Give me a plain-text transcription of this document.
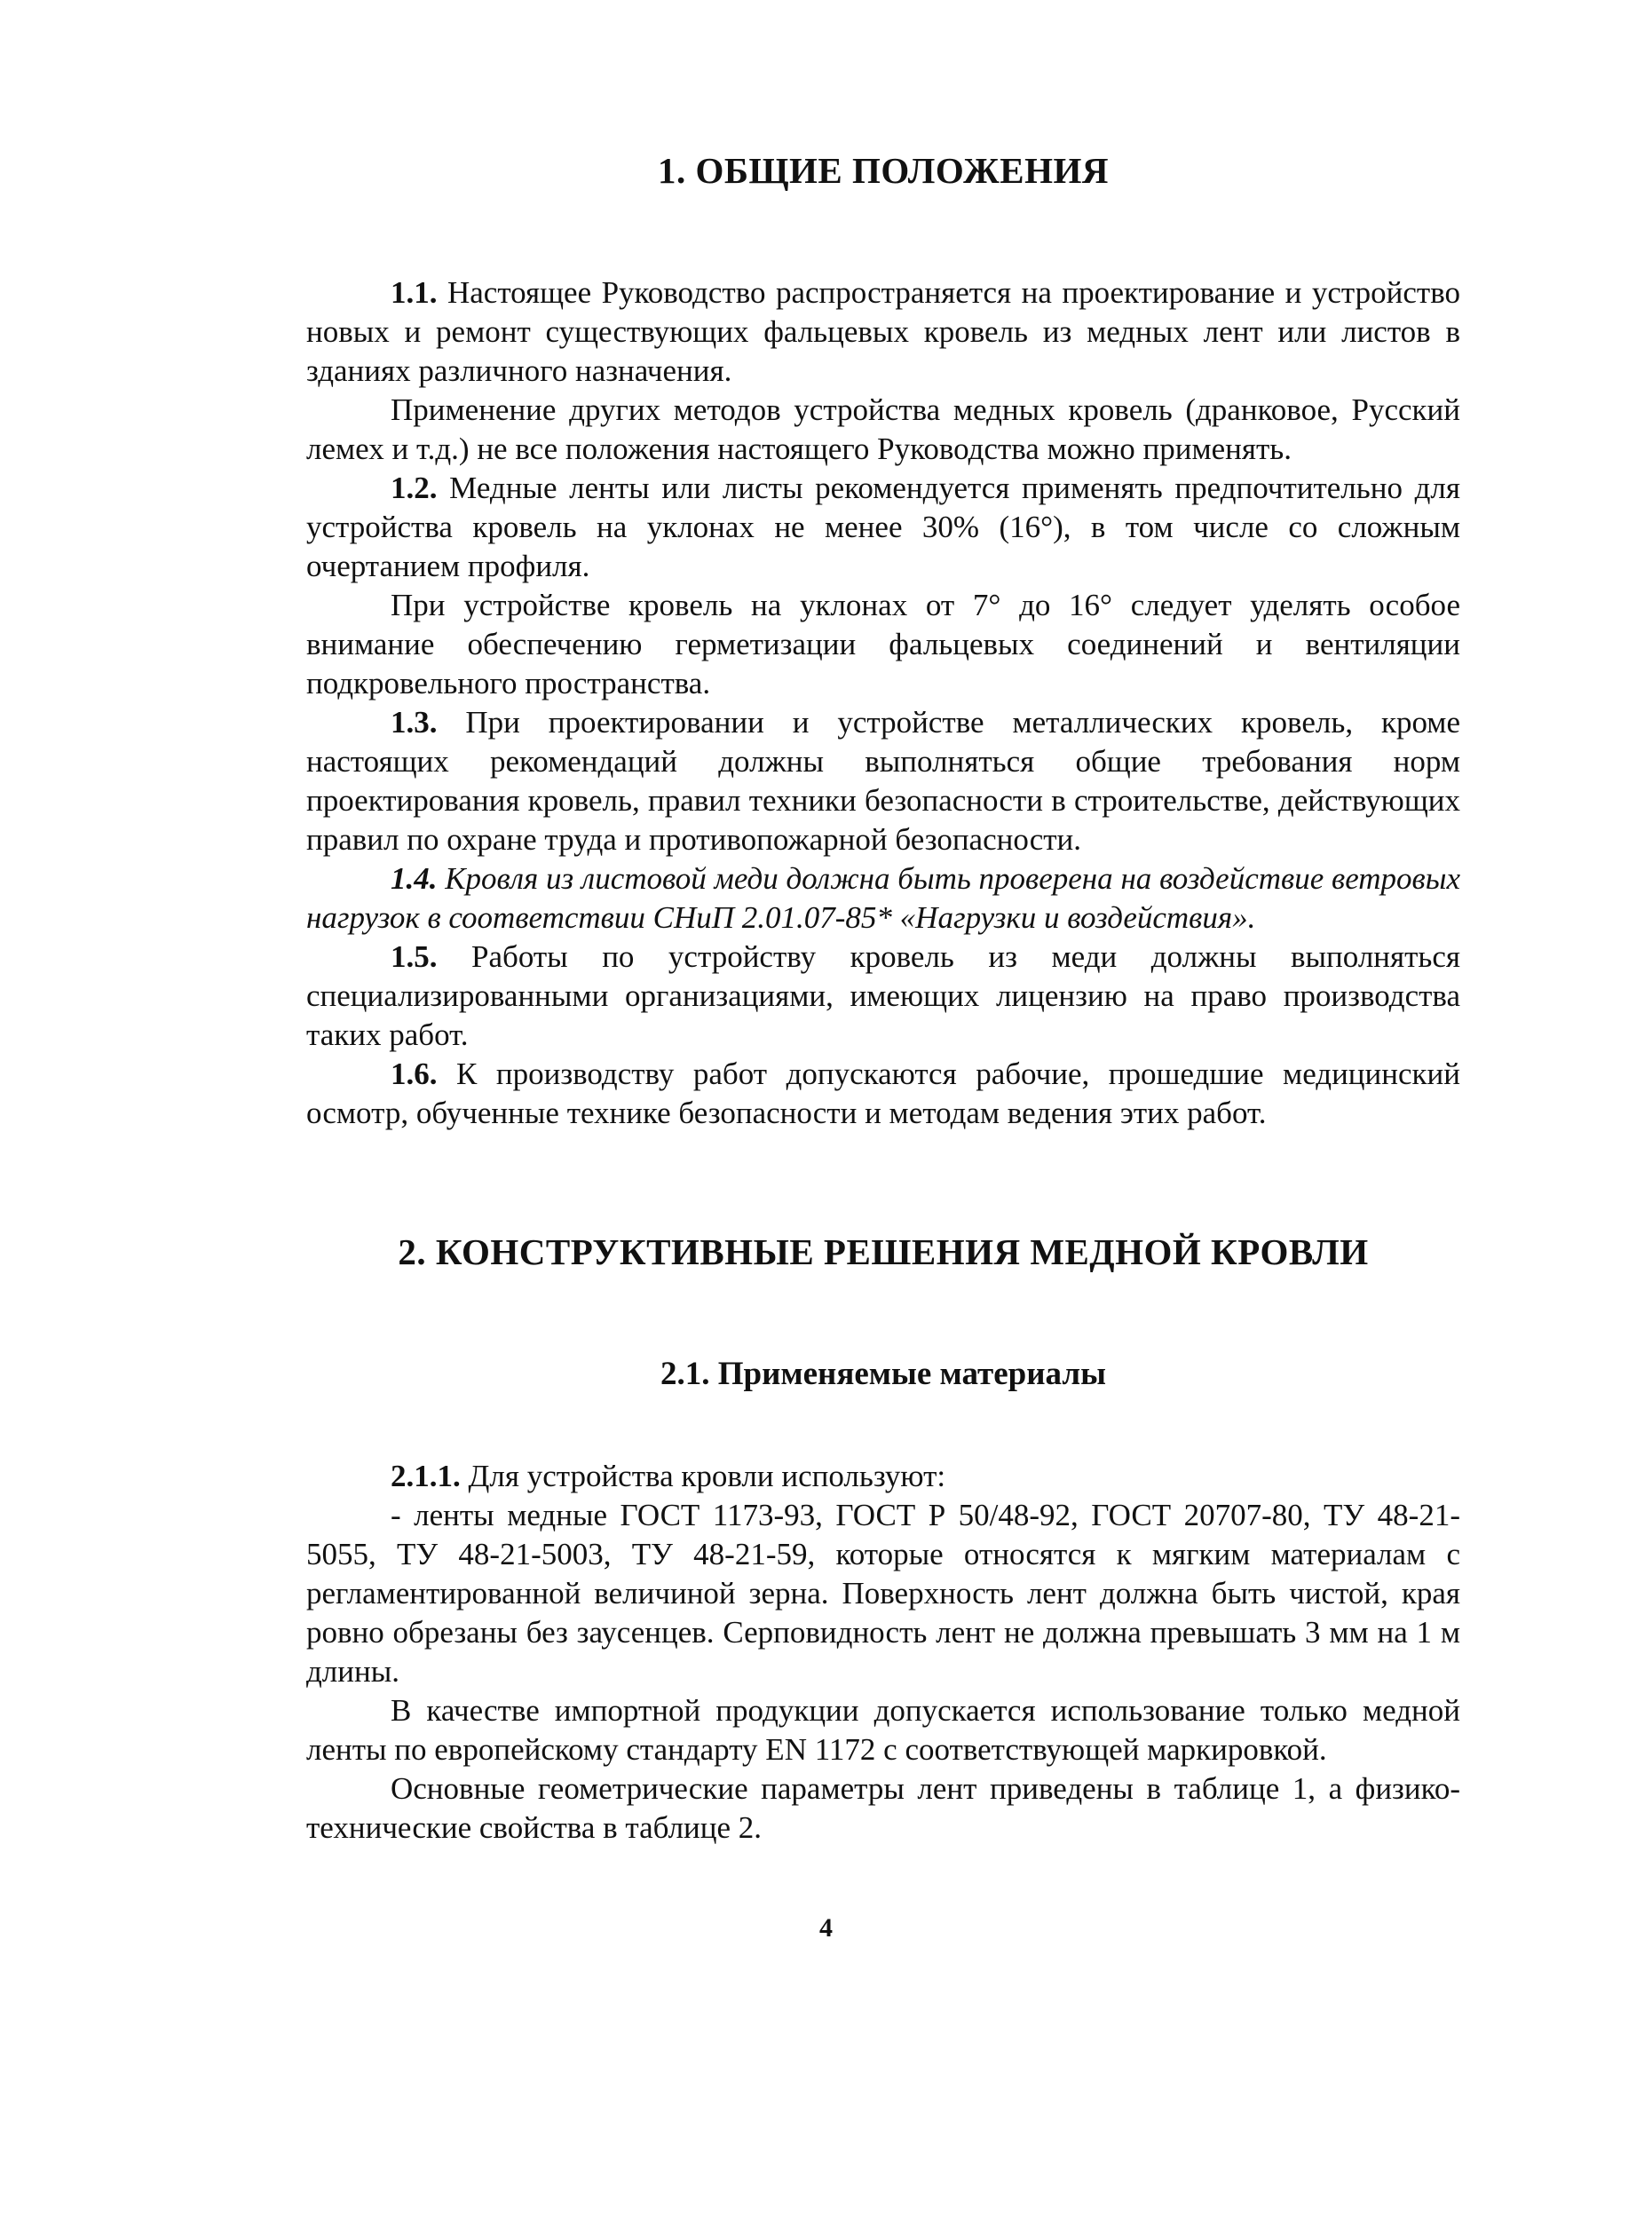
1. ОБЩИЕ ПОЛОЖЕНИЯ

1.1. Настоящее Руководство распространяется на проектирование и устройство новых и ремонт существующих фальцевых кровель из медных лент или листов в зданиях различного назначения.

Применение других методов устройства медных кровель (дранковое, Русский лемех и т.д.) не все положения настоящего Руководства можно применять.

1.2. Медные ленты или листы рекомендуется применять предпочтительно для устройства кровель на уклонах не менее 30% (16°), в том числе со сложным очертанием профиля.

При устройстве кровель на уклонах от 7° до 16° следует уделять особое внимание обеспечению герметизации фальцевых соединений и вентиляции подкровельного пространства.

1.3. При проектировании и устройстве металлических кровель, кроме настоящих рекомендаций должны выполняться общие требования норм проектирования кровель, правил техники безопасности в строительстве, действующих правил по охране труда и противопожарной безопасности.

1.4. Кровля из листовой меди должна быть проверена на воздействие ветровых нагрузок в соответствии СНиП 2.01.07-85* «Нагрузки и воздействия».

1.5. Работы по устройству кровель из меди должны выполняться специализированными организациями, имеющих лицензию на право производства таких работ.

1.6. К производству работ допускаются рабочие, прошедшие медицинский осмотр, обученные технике безопасности и методам ведения этих работ.

2. КОНСТРУКТИВНЫЕ РЕШЕНИЯ МЕДНОЙ КРОВЛИ
2.1. Применяемые материалы

2.1.1. Для устройства кровли используют:

- ленты медные ГОСТ 1173-93, ГОСТ Р 50/48-92, ГОСТ 20707-80, ТУ 48-21-5055, ТУ 48-21-5003, ТУ 48-21-59, которые относятся к мягким материалам с регламентированной величиной зерна. Поверхность лент должна быть чистой, края ровно обрезаны без заусенцев. Серповидность лент не должна превышать 3 мм на 1 м длины.

В качестве импортной продукции допускается использование только медной ленты по европейскому стандарту EN 1172 с соответствующей маркировкой.

Основные геометрические параметры лент приведены в таблице 1, а физико-технические свойства в таблице 2.

4
